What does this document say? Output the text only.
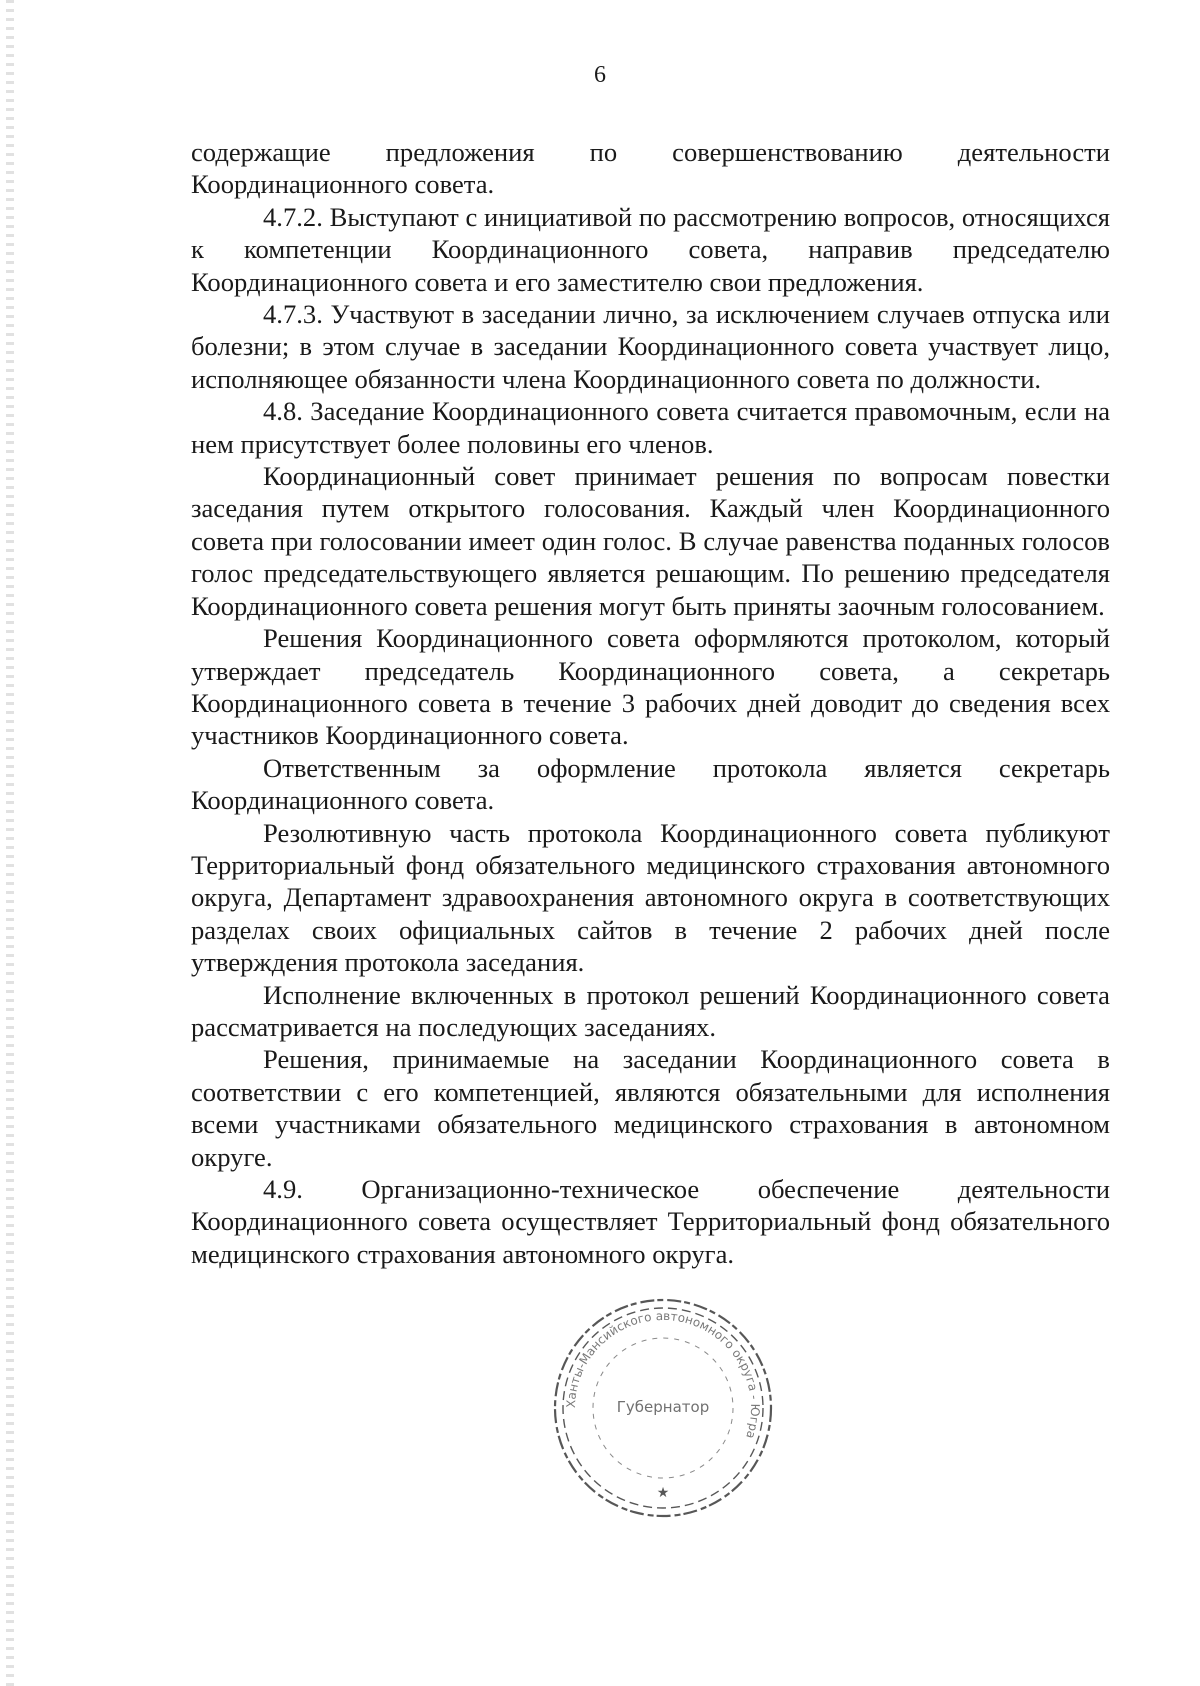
6

содержащие предложения по совершенствованию деятельности Координационного совета.

4.7.2. Выступают с инициативой по рассмотрению вопросов, относящихся к компетенции Координационного совета, направив председателю Координационного совета и его заместителю свои предложения.

4.7.3. Участвуют в заседании лично, за исключением случаев отпуска или болезни; в этом случае в заседании Координационного совета участвует лицо, исполняющее обязанности члена Координационного совета по должности.

4.8. Заседание Координационного совета считается правомочным, если на нем присутствует более половины его членов.

Координационный совет принимает решения по вопросам повестки заседания путем открытого голосования. Каждый член Координационного совета при голосовании имеет один голос. В случае равенства поданных голосов голос председательствующего является решающим. По решению председателя Координационного совета решения могут быть приняты заочным голосованием.

Решения Координационного совета оформляются протоколом, который утверждает председатель Координационного совета, а секретарь Координационного совета в течение 3 рабочих дней доводит до сведения всех участников Координационного совета.

Ответственным за оформление протокола является секретарь Координационного совета.

Резолютивную часть протокола Координационного совета публикуют Территориальный фонд обязательного медицинского страхования автономного округа, Департамент здравоохранения автономного округа в соответствующих разделах своих официальных сайтов в течение 2 рабочих дней после утверждения протокола заседания.

Исполнение включенных в протокол решений Координационного совета рассматривается на последующих заседаниях.

Решения, принимаемые на заседании Координационного совета в соответствии с его компетенцией, являются обязательными для исполнения всеми участниками обязательного медицинского страхования в автономном округе.

4.9. Организационно-техническое обеспечение деятельности Координационного совета осуществляет Территориальный фонд обязательного медицинского страхования автономного округа.

Ханты-Мансийского автономного округа - Югра
Губернатор
★
